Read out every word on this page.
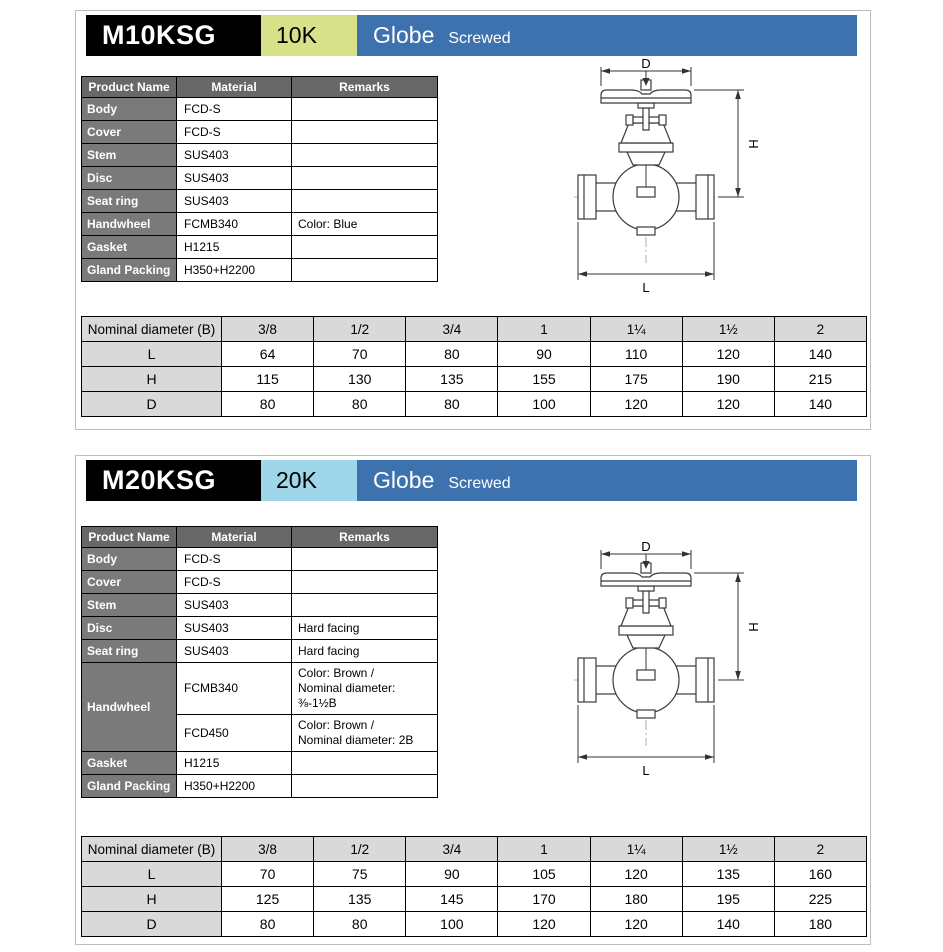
M10KSG	10K	Globe Screwed
Product Name	Material	Remarks
Body	FCD-S	
Cover	FCD-S	
Stem	SUS403	
Disc	SUS403	
Seat ring	SUS403	
Handwheel	FCMB340	Color: Blue
Gasket	H1215	
Gland Packing	H350+H2200	
D
H
L
Nominal diameter (B)	3/8	1/2	3/4	1	1¼	1½	2
L	64	70	80	90	110	120	140
H	115	130	135	155	175	190	215
D	80	80	80	100	120	120	140
M20KSG	20K	Globe Screwed
Product Name	Material	Remarks
Body	FCD-S	
Cover	FCD-S	
Stem	SUS403	
Disc	SUS403	Hard facing
Seat ring	SUS403	Hard facing
Handwheel	FCMB340	Color: Brown /
Nominal diameter:
⅜-1½B
	FCD450	Color: Brown /
Nominal diameter: 2B
Gasket	H1215	
Gland Packing	H350+H2200	
D
H
L
Nominal diameter (B)	3/8	1/2	3/4	1	1¼	1½	2
L	70	75	90	105	120	135	160
H	125	135	145	170	180	195	225
D	80	80	100	120	120	140	180
